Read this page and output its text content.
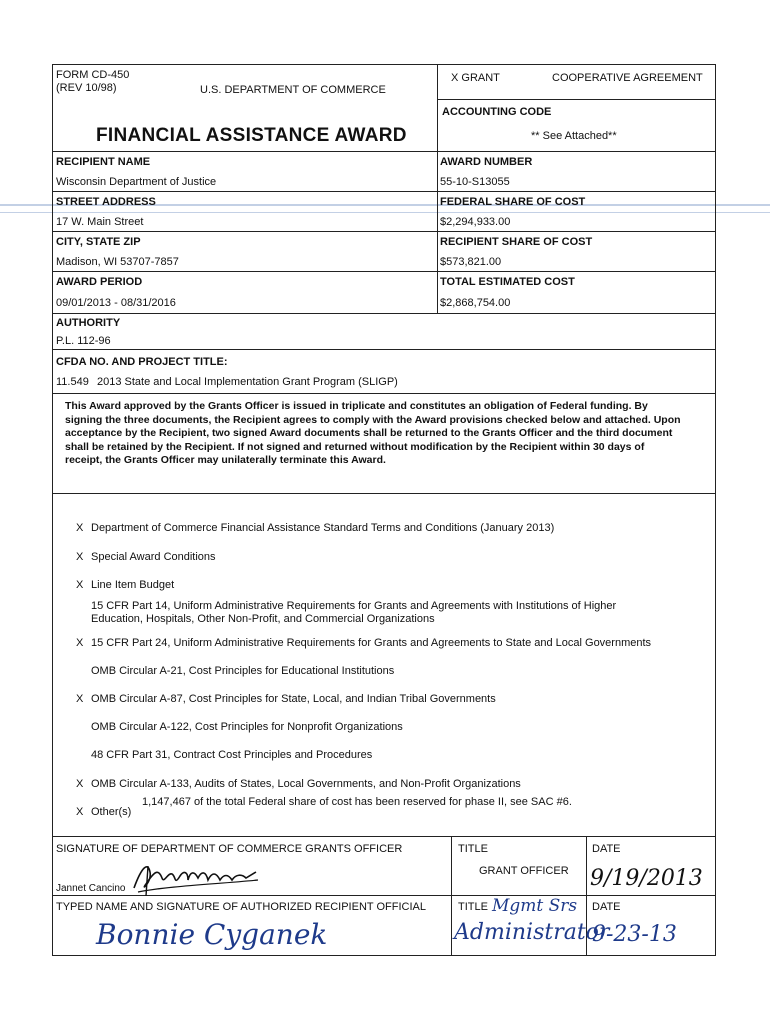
FORM CD-450
(REV 10/98)	U.S. DEPARTMENT OF COMMERCE
FINANCIAL ASSISTANCE AWARD
X GRANT	COOPERATIVE AGREEMENT
ACCOUNTING CODE
** See Attached**
RECIPIENT NAME
Wisconsin Department of Justice
STREET ADDRESS
17 W. Main Street
CITY, STATE ZIP
Madison, WI 53707-7857
AWARD PERIOD
09/01/2013 - 08/31/2016
AWARD NUMBER
55-10-S13055
FEDERAL SHARE OF COST
$2,294,933.00
RECIPIENT SHARE OF COST
$573,821.00
TOTAL ESTIMATED COST
$2,868,754.00
AUTHORITY
P.L. 112-96
CFDA NO. AND PROJECT TITLE:
11.549 2013 State and Local Implementation Grant Program (SLIGP)
This Award approved by the Grants Officer is issued in triplicate and constitutes an obligation of Federal funding. By signing the three documents, the Recipient agrees to comply with the Award provisions checked below and attached. Upon acceptance by the Recipient, two signed Award documents shall be returned to the Grants Officer and the third document shall be retained by the Recipient. If not signed and returned without modification by the Recipient within 30 days of receipt, the Grants Officer may unilaterally terminate this Award.
X Department of Commerce Financial Assistance Standard Terms and Conditions (January 2013)
X Special Award Conditions
X Line Item Budget
15 CFR Part 14, Uniform Administrative Requirements for Grants and Agreements with Institutions of Higher
Education, Hospitals, Other Non-Profit, and Commercial Organizations
X 15 CFR Part 24, Uniform Administrative Requirements for Grants and Agreements to State and Local Governments
OMB Circular A-21, Cost Principles for Educational Institutions
X OMB Circular A-87, Cost Principles for State, Local, and Indian Tribal Governments
OMB Circular A-122, Cost Principles for Nonprofit Organizations
48 CFR Part 31, Contract Cost Principles and Procedures
X OMB Circular A-133, Audits of States, Local Governments, and Non-Profit Organizations
X Other(s)
1,147,467 of the total Federal share of cost has been reserved for phase II, see SAC #6.
SIGNATURE OF DEPARTMENT OF COMMERCE GRANTS OFFICER
Jannet Cancino
TITLE
GRANT OFFICER
DATE
9/19/2013
TYPED NAME AND SIGNATURE OF AUTHORIZED RECIPIENT OFFICIAL
Bonnie Cyganek
TITLE Mgmt Srs
Administrator
DATE
9-23-13
